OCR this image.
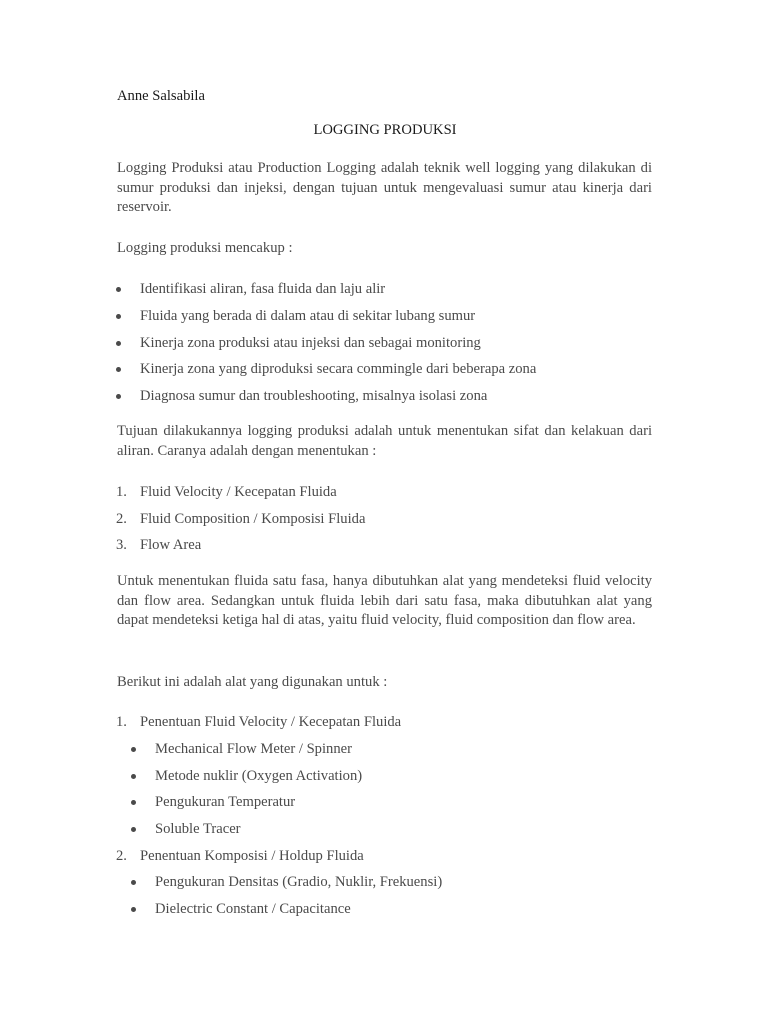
Anne Salsabila
LOGGING PRODUKSI

Logging Produksi atau Production Logging adalah teknik well logging yang dilakukan di sumur produksi dan injeksi, dengan tujuan untuk mengevaluasi sumur atau kinerja dari reservoir.

Logging produksi mencakup :
Identifikasi aliran, fasa fluida dan laju alir
Fluida yang berada di dalam atau di sekitar lubang sumur
Kinerja zona produksi atau injeksi dan sebagai monitoring
Kinerja zona yang diproduksi secara commingle dari beberapa zona
Diagnosa sumur dan troubleshooting, misalnya isolasi zona

Tujuan dilakukannya logging produksi adalah untuk menentukan sifat dan kelakuan dari aliran. Caranya adalah dengan menentukan :

1. Fluid Velocity / Kecepatan Fluida
2. Fluid Composition / Komposisi Fluida
3. Flow Area

Untuk menentukan fluida satu fasa, hanya dibutuhkan alat yang mendeteksi fluid velocity dan flow area. Sedangkan untuk fluida lebih dari satu fasa, maka dibutuhkan alat yang dapat mendeteksi ketiga hal di atas, yaitu fluid velocity, fluid composition dan flow area.

Berikut ini adalah alat yang digunakan untuk :
1. Penentuan Fluid Velocity / Kecepatan Fluida
Mechanical Flow Meter / Spinner
Metode nuklir (Oxygen Activation)
Pengukuran Temperatur
Soluble Tracer
2. Penentuan Komposisi / Holdup Fluida
Pengukuran Densitas (Gradio, Nuklir, Frekuensi)
Dielectric Constant / Capacitance
